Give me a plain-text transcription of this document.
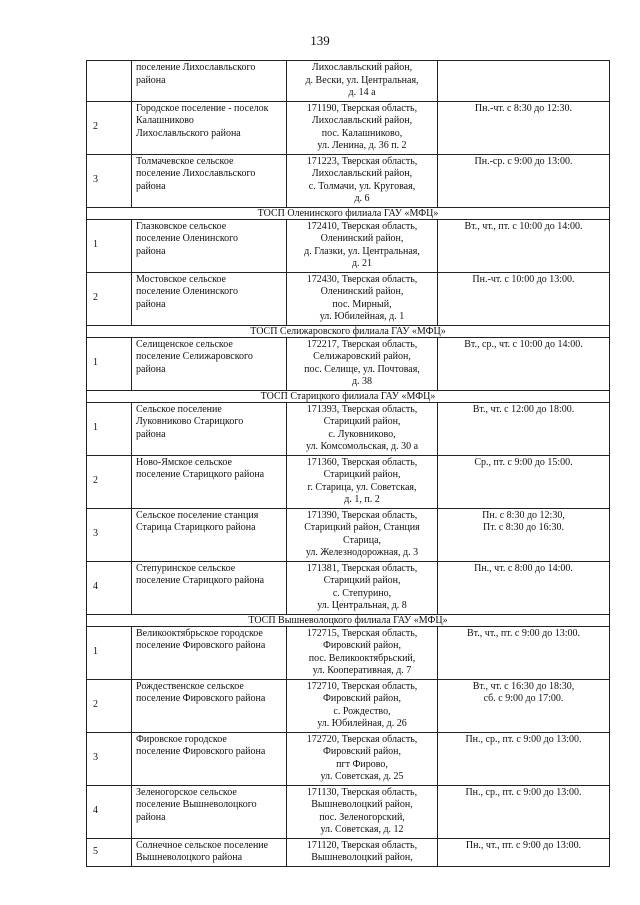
139

	поселение Лихославльского
района	Лихославльский район,
д. Вески, ул. Центральная,
д. 14 а	

2	Городское поселение - поселок
Калашниково
Лихославльского района	171190, Тверская область,
Лихославльский район,
пос. Калашниково,
ул. Ленина, д. 36 п. 2	Пн.-чт. с 8:30 до 12:30.

3	Толмачевское сельское
поселение Лихославльского
района	171223, Тверская область,
Лихославльский район,
с. Толмачи, ул. Круговая,
д. 6	Пн.-ср. с 9:00 до 13:00.

ТОСП Оленинского филиала ГАУ «МФЦ»			
1	Глазковское сельское
поселение Оленинского
района	172410, Тверская область,
Оленинский район,
д. Глазки, ул. Центральная,
д. 21	Вт., чт., пт. с 10:00 до 14:00.

2	Мостовское сельское
поселение Оленинского
района	172430, Тверская область,
Оленинский район,
пос. Мирный,
ул. Юбилейная, д. 1	Пн.-чт. с 10:00 до 13:00.

ТОСП Селижаровского филиала ГАУ «МФЦ»			
1	Селищенское сельское
поселение Селижаровского
района	172217, Тверская область,
Селижаровский район,
пос. Селище, ул. Почтовая,
д. 38	Вт., ср., чт. с 10:00 до 14:00.

ТОСП Старицкого филиала ГАУ «МФЦ»			
1	Сельское поселение
Луковниково Старицкого
района	171393, Тверская область,
Старицкий район,
с. Луковниково,
ул. Комсомольская, д. 30 а	Вт., чт. с 12:00 до 18:00.

2	Ново-Ямское сельское
поселение Старицкого района	171360, Тверская область,
Старицкий район,
г. Старица, ул. Советская,
д. 1, п. 2	Ср., пт. с 9:00 до 15:00.

3	Сельское поселение станция
Старица Старицкого района	171390, Тверская область,
Старицкий район, Станция
Старица,
ул. Железнодорожная, д. 3	Пн. с 8:30 до 12:30,
Пт. с 8:30 до 16:30.

4	Степуринское сельское
поселение Старицкого района	171381, Тверская область,
Старицкий район,
с. Степурино,
ул. Центральная, д. 8	Пн., чт. с 8:00 до 14:00.

ТОСП Вышневолоцкого филиала ГАУ «МФЦ»			
1	Великооктябрьское городское
поселение Фировского района	172715, Тверская область,
Фировский район,
пос. Великооктябрьский,
ул. Кооперативная, д. 7	Вт., чт., пт. с 9:00 до 13:00.

2	Рождественское сельское
поселение Фировского района	172710, Тверская область,
Фировский район,
с. Рождество,
ул. Юбилейная, д. 26	Вт., чт. с 16:30 до 18:30,
сб. с 9:00 до 17:00.

3	Фировское городское
поселение Фировского района	172720, Тверская область,
Фировский район,
пгт Фирово,
ул. Советская, д. 25	Пн., ср., пт. с 9:00 до 13:00.

4	Зеленогорское сельское
поселение Вышневолоцкого
района	171130, Тверская область,
Вышневолоцкий район,
пос. Зеленогорский,
ул. Советская, д. 12	Пн., ср., пт. с 9:00 до 13:00.

5	Солнечное сельское поселение
Вышневолоцкого района	171120, Тверская область,
Вышневолоцкий район,	Пн., чт., пт. с 9:00 до 13:00.
